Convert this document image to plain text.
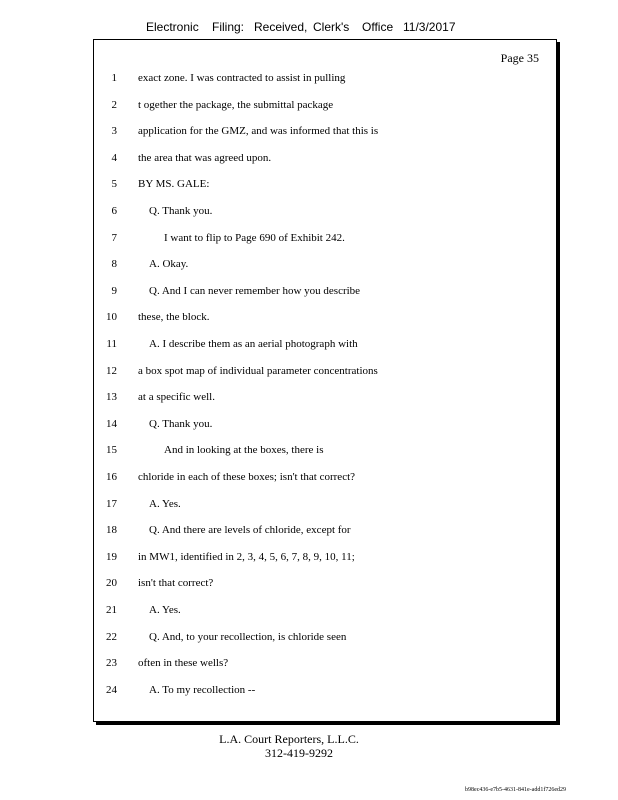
Electronic Filing: Received, Clerk's Office 11/3/2017
Page 35
1 exact zone. I was contracted to assist in pulling
2 t ogether the package, the submittal package
3 application for the GMZ, and was informed that this is
4 the area that was agreed upon.
5 BY MS. GALE:
6	Q. Thank you.
7	I want to flip to Page 690 of Exhibit 242.
8	A. Okay.
9	Q. And I can never remember how you describe
10 these, the block.
11	A. I describe them as an aerial photograph with
12 a box spot map of individual parameter concentrations
13 at a specific well.
14	Q. Thank you.
15	And in looking at the boxes, there is
16 chloride in each of these boxes; isn't that correct?
17	A. Yes.
18	Q. And there are levels of chloride, except for
19 in MW1, identified in 2, 3, 4, 5, 6, 7, 8, 9, 10, 11;
20 isn't that correct?
21	A. Yes.
22	Q. And, to your recollection, is chloride seen
23 often in these wells?
24	A. To my recollection --
L.A. Court Reporters, L.L.C.
312-419-9292
b98ec436-e7b5-4631-841e-add1f726ed29
